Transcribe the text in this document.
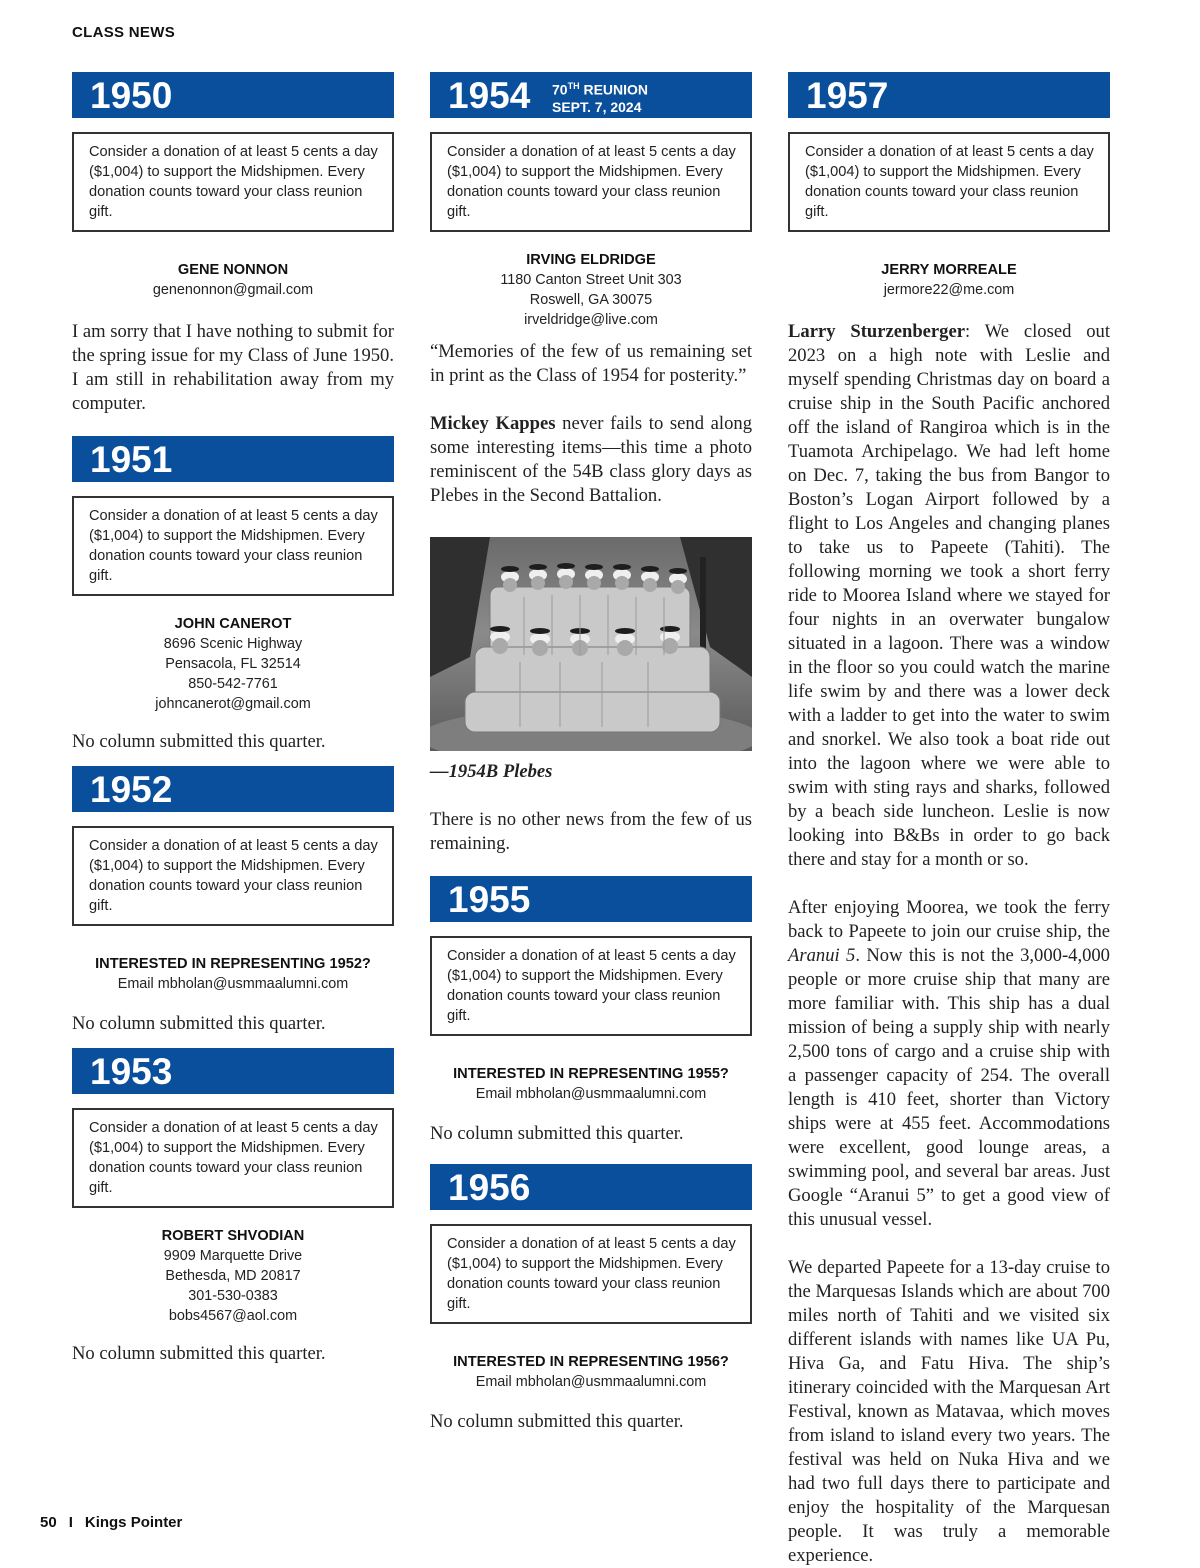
CLASS NEWS
1950
Consider a donation of at least 5 cents a day ($1,004) to support the Midshipmen. Every donation counts toward your class reunion gift.
GENE NONNON
genenonnon@gmail.com

I am sorry that I have nothing to submit for the spring issue for my Class of June 1950. I am still in rehabilitation away from my computer.

1951
Consider a donation of at least 5 cents a day ($1,004) to support the Midshipmen. Every donation counts toward your class reunion gift.
JOHN CANEROT
8696 Scenic Highway
Pensacola, FL 32514
850-542-7761
johncanerot@gmail.com

No column submitted this quarter.

1952
Consider a donation of at least 5 cents a day ($1,004) to support the Midshipmen. Every donation counts toward your class reunion gift.
INTERESTED IN REPRESENTING 1952?
Email mbholan@usmmaalumni.com

No column submitted this quarter.

1953
Consider a donation of at least 5 cents a day ($1,004) to support the Midshipmen. Every donation counts toward your class reunion gift.
ROBERT SHVODIAN
9909 Marquette Drive
Bethesda, MD 20817
301-530-0383
bobs4567@aol.com

No column submitted this quarter.

1954 70TH REUNION
SEPT. 7, 2024
Consider a donation of at least 5 cents a day ($1,004) to support the Midshipmen. Every donation counts toward your class reunion gift.
IRVING ELDRIDGE
1180 Canton Street Unit 303
Roswell, GA 30075
irveldridge@live.com

“Memories of the few of us remaining set in print as the Class of 1954 for posterity.”

Mickey Kappes never fails to send along some interesting items—this time a photo reminiscent of the 54B class glory days as Plebes in the Second Battalion.

—1954B Plebes

There is no other news from the few of us remaining.

1955
Consider a donation of at least 5 cents a day ($1,004) to support the Midshipmen. Every donation counts toward your class reunion gift.
INTERESTED IN REPRESENTING 1955?
Email mbholan@usmmaalumni.com

No column submitted this quarter.

1956
Consider a donation of at least 5 cents a day ($1,004) to support the Midshipmen. Every donation counts toward your class reunion gift.
INTERESTED IN REPRESENTING 1956?
Email mbholan@usmmaalumni.com

No column submitted this quarter.

1957
Consider a donation of at least 5 cents a day ($1,004) to support the Midshipmen. Every donation counts toward your class reunion gift.
JERRY MORREALE
jermore22@me.com

Larry Sturzenberger: We closed out 2023 on a high note with Leslie and myself spending Christmas day on board a cruise ship in the South Pacific anchored off the island of Rangiroa which is in the Tuamota Archipelago. We had left home on Dec. 7, taking the bus from Bangor to Boston’s Logan Airport followed by a flight to Los Angeles and changing planes to take us to Papeete (Tahiti). The following morning we took a short ferry ride to Moorea Island where we stayed for four nights in an overwater bungalow situated in a lagoon. There was a window in the floor so you could watch the marine life swim by and there was a lower deck with a ladder to get into the water to swim and snorkel. We also took a boat ride out into the lagoon where we were able to swim with sting rays and sharks, followed by a beach side luncheon. Leslie is now looking into B&Bs in order to go back there and stay for a month or so.

After enjoying Moorea, we took the ferry back to Papeete to join our cruise ship, the Aranui 5. Now this is not the 3,000-4,000 people or more cruise ship that many are more familiar with. This ship has a dual mission of being a supply ship with nearly 2,500 tons of cargo and a cruise ship with a passenger capacity of 254. The overall length is 410 feet, shorter than Victory ships were at 455 feet. Accommodations were excellent, good lounge areas, a swimming pool, and several bar areas. Just Google “Aranui 5” to get a good view of this unusual vessel.

We departed Papeete for a 13-day cruise to the Marquesas Islands which are about 700 miles north of Tahiti and we visited six different islands with names like UA Pu, Hiva Ga, and Fatu Hiva. The ship’s itinerary coincided with the Marquesan Art Festival, known as Matavaa, which moves from island to island every two years. The festival was held on Nuka Hiva and we had two full days there to participate and enjoy the hospitality of the Marquesan people. It was truly a memorable experience.

50 I Kings Pointer
